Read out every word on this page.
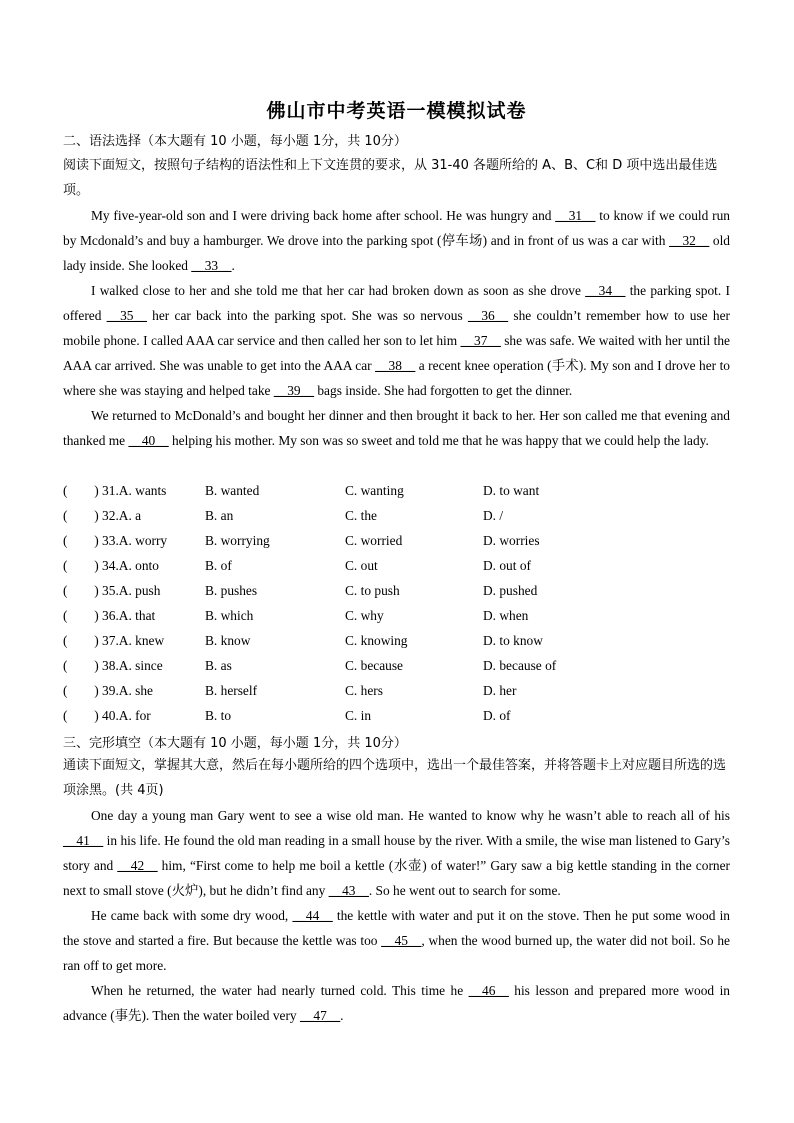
佛山市中考英语一模模拟试卷
二、语法选择（本大题有 10 小题，每小题 1分，共 10分）
阅读下面短文，按照句子结构的语法性和上下文连贯的要求，从 31-40 各题所给的 A、B、C和 D 项中选出最佳选项。
My five-year-old son and I were driving back home after school. He was hungry and __31__ to know if we could run by Mcdonald’s and buy a hamburger. We drove into the parking spot (停车场) and in front of us was a car with __32__ old lady inside. She looked __33__.
I walked close to her and she told me that her car had broken down as soon as she drove __34__ the parking spot. I offered __35__ her car back into the parking spot. She was so nervous __36__ she couldn’t remember how to use her mobile phone. I called AAA car service and then called her son to let him __37__ she was safe. We waited with her until the AAA car arrived. She was unable to get into the AAA car __38__ a recent knee operation (手术). My son and I drove her to where she was staying and helped take __39__ bags inside. She had forgotten to get the dinner.
We returned to McDonald’s and bought her dinner and then brought it back to her. Her son called me that evening and thanked me __40__ helping his mother. My son was so sweet and told me that he was happy that we could help the lady.
(        ) 31.A. wants	B. wanted	C. wanting	D. to want
(        ) 32.A. a	B. an	C. the	D. /
(        ) 33.A. worry	B. worrying	C. worried	D. worries
(        ) 34.A. onto	B. of	C. out	D. out of
(        ) 35.A. push	B. pushes	C. to push	D. pushed
(        ) 36.A. that	B. which	C. why	D. when
(        ) 37.A. knew	B. know	C. knowing	D. to know
(        ) 38.A. since	B. as	C. because	D. because of
(        ) 39.A. she	B. herself	C. hers	D. her
(        ) 40.A. for	B. to	C. in	D. of
三、完形填空（本大题有 10 小题，每小题 1分，共 10分）
通读下面短文，掌握其大意，然后在每小题所给的四个选项中，选出一个最佳答案，并将答题卡上对应题目所选的选项涂黑。(共 4页)
One day a young man Gary went to see a wise old man. He wanted to know why he wasn’t able to reach all of his __41__ in his life. He found the old man reading in a small house by the river. With a smile, the wise man listened to Gary’s story and __42__ him, “First come to help me boil a kettle (水壶) of water!” Gary saw a big kettle standing in the corner next to small stove (火炉), but he didn’t find any __43__. So he went out to search for some.
He came back with some dry wood, __44__ the kettle with water and put it on the stove. Then he put some wood in the stove and started a fire. But because the kettle was too __45__, when the wood burned up, the water did not boil. So he ran off to get more.
When he returned, the water had nearly turned cold. This time he __46__ his lesson and prepared more wood in advance (事先). Then the water boiled very __47__.
